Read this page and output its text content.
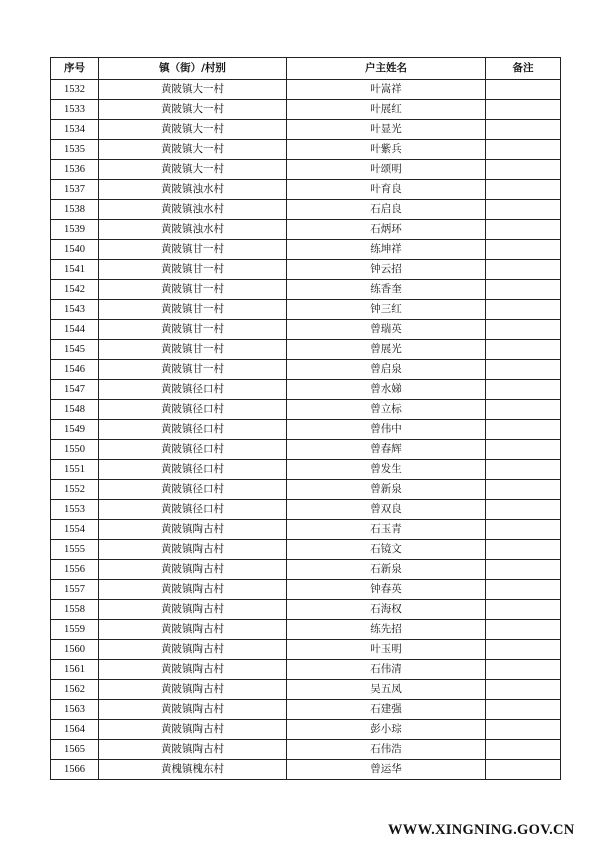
序号	镇（街）/村别	户主姓名	备注
1532	黄陂镇大一村	叶嵩祥	
1533	黄陂镇大一村	叶展红	
1534	黄陂镇大一村	叶显光	
1535	黄陂镇大一村	叶紫兵	
1536	黄陂镇大一村	叶颂明	
1537	黄陂镇浊水村	叶育良	
1538	黄陂镇浊水村	石启良	
1539	黄陂镇浊水村	石炳环	
1540	黄陂镇甘一村	练坤祥	
1541	黄陂镇甘一村	钟云招	
1542	黄陂镇甘一村	练香奎	
1543	黄陂镇甘一村	钟三红	
1544	黄陂镇甘一村	曾瑞英	
1545	黄陂镇甘一村	曾展光	
1546	黄陂镇甘一村	曾启泉	
1547	黄陂镇径口村	曾水娣	
1548	黄陂镇径口村	曾立标	
1549	黄陂镇径口村	曾伟中	
1550	黄陂镇径口村	曾春辉	
1551	黄陂镇径口村	曾发生	
1552	黄陂镇径口村	曾新泉	
1553	黄陂镇径口村	曾双良	
1554	黄陂镇陶古村	石玉青	
1555	黄陂镇陶古村	石镜文	
1556	黄陂镇陶古村	石新泉	
1557	黄陂镇陶古村	钟春英	
1558	黄陂镇陶古村	石海权	
1559	黄陂镇陶古村	练先招	
1560	黄陂镇陶古村	叶玉明	
1561	黄陂镇陶古村	石伟清	
1562	黄陂镇陶古村	吴五凤	
1563	黄陂镇陶古村	石建强	
1564	黄陂镇陶古村	彭小琮	
1565	黄陂镇陶古村	石伟浩	
1566	黄槐镇槐东村	曾运华	
WWW.XINGNING.GOV.CN
